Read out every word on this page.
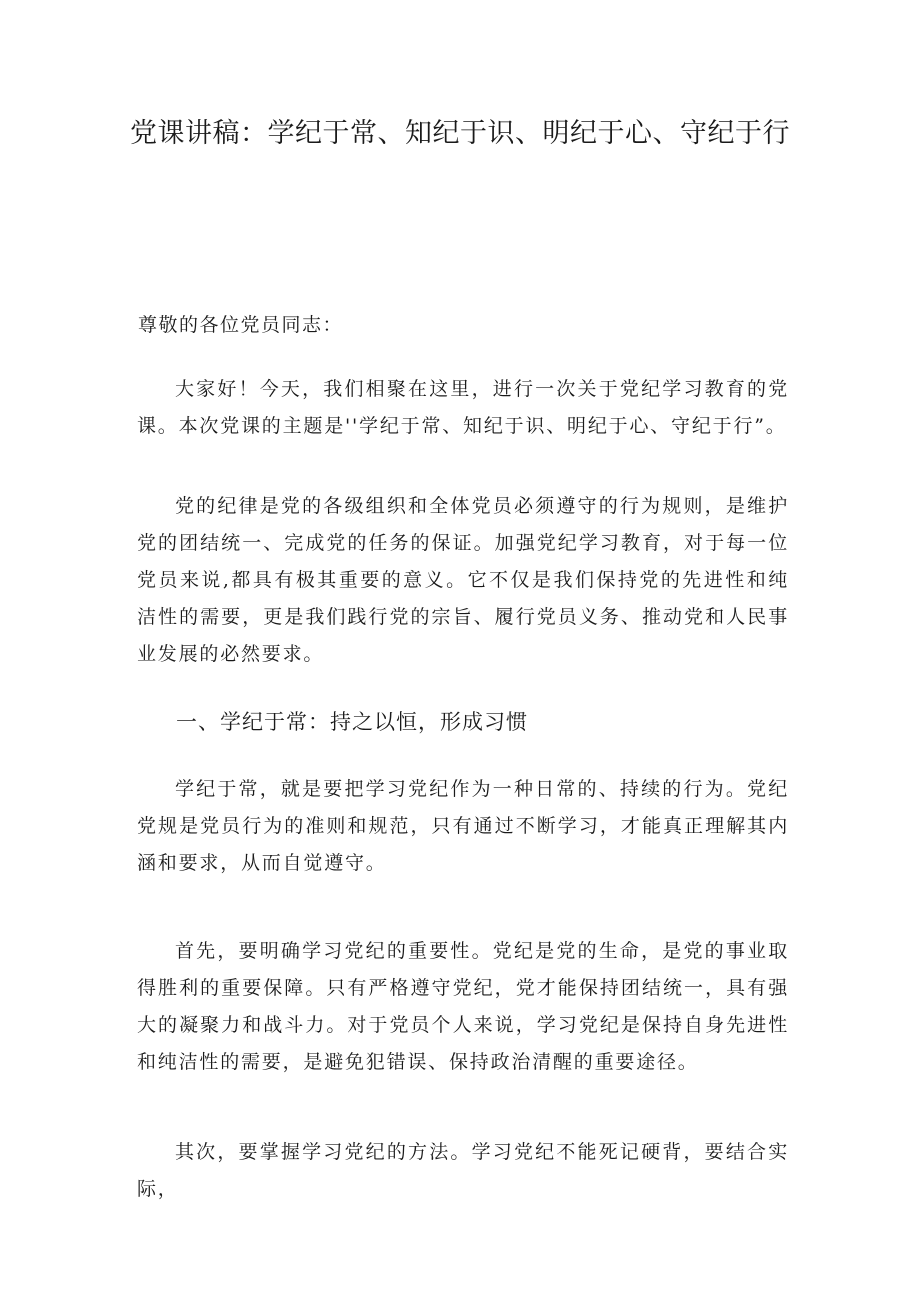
党课讲稿：学纪于常、知纪于识、明纪于心、守纪于行

尊敬的各位党员同志：

大家好！今天，我们相聚在这里，进行一次关于党纪学习教育的党课。本次党课的主题是''学纪于常、知纪于识、明纪于心、守纪于行”。

党的纪律是党的各级组织和全体党员必须遵守的行为规则，是维护党的团结统一、完成党的任务的保证。加强党纪学习教育，对于每一位党员来说,都具有极其重要的意义。它不仅是我们保持党的先进性和纯洁性的需要，更是我们践行党的宗旨、履行党员义务、推动党和人民事业发展的必然要求。

一、学纪于常：持之以恒，形成习惯

学纪于常，就是要把学习党纪作为一种日常的、持续的行为。党纪党规是党员行为的准则和规范，只有通过不断学习，才能真正理解其内涵和要求，从而自觉遵守。

首先，要明确学习党纪的重要性。党纪是党的生命，是党的事业取得胜利的重要保障。只有严格遵守党纪，党才能保持团结统一，具有强大的凝聚力和战斗力。对于党员个人来说，学习党纪是保持自身先进性和纯洁性的需要，是避免犯错误、保持政治清醒的重要途径。

其次，要掌握学习党纪的方法。学习党纪不能死记硬背，要结合实际，
